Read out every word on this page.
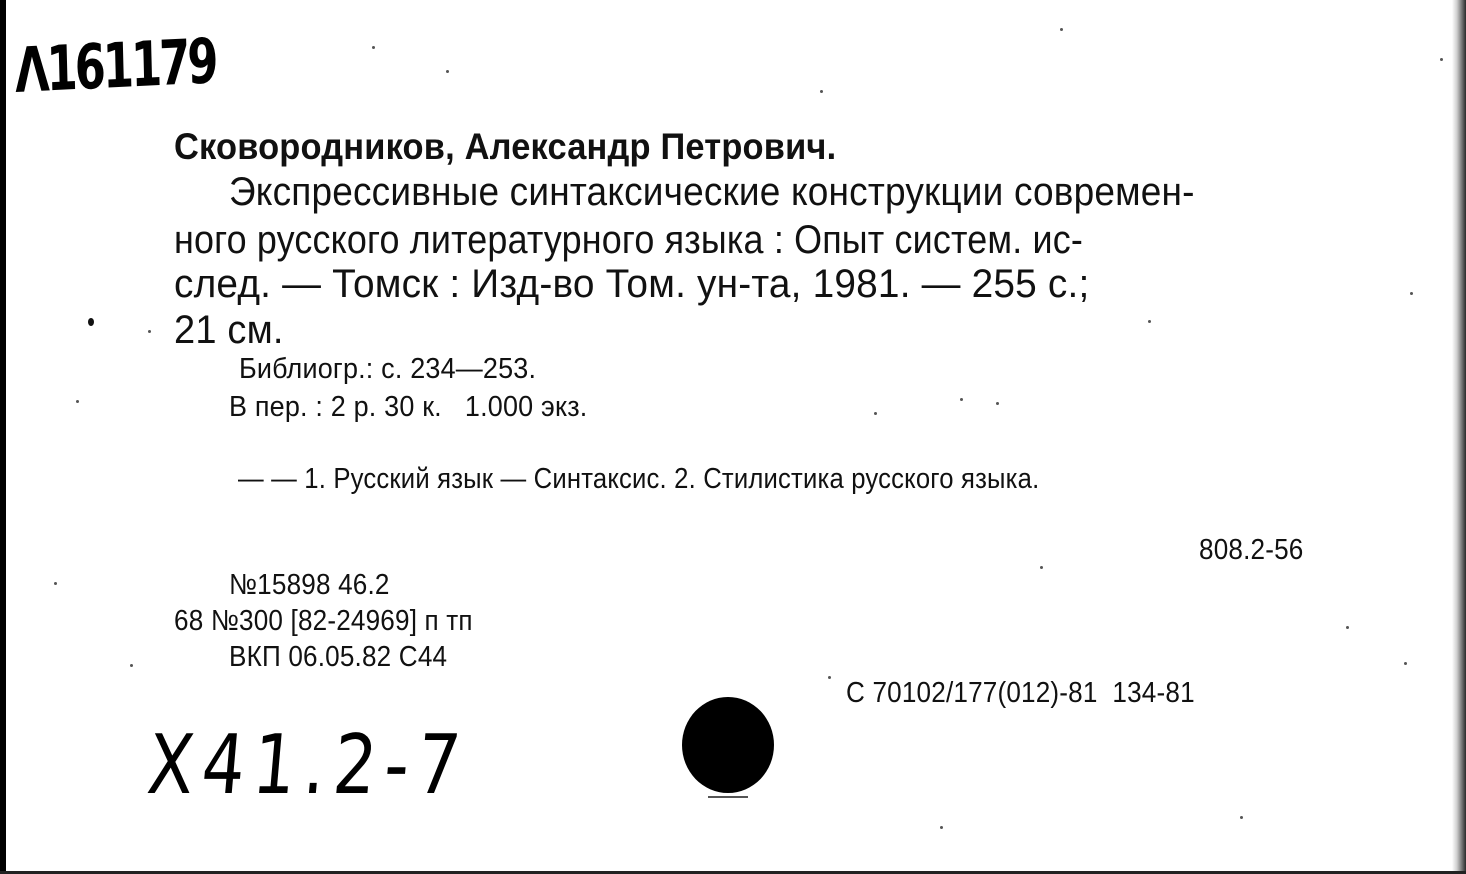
Λ161179
Сковородников, Александр Петрович.
Экспрессивные синтаксические конструкции современ-
ного русского литературного языка : Опыт систем. ис-
след. — Томск : Изд-во Том. ун-та, 1981. — 255 с.;
21 см.
Библиогр.: с. 234—253.
В пер. : 2 р. 30 к.   1.000 экз.
— — 1. Русский язык — Синтаксис. 2. Стилистика русского языка.
808.2-56
№15898 46.2
68 №300 [82-24969] п тп
ВКП 06.05.82 С44
С 70102/177(012)-81  134-81
Х41.2-7
